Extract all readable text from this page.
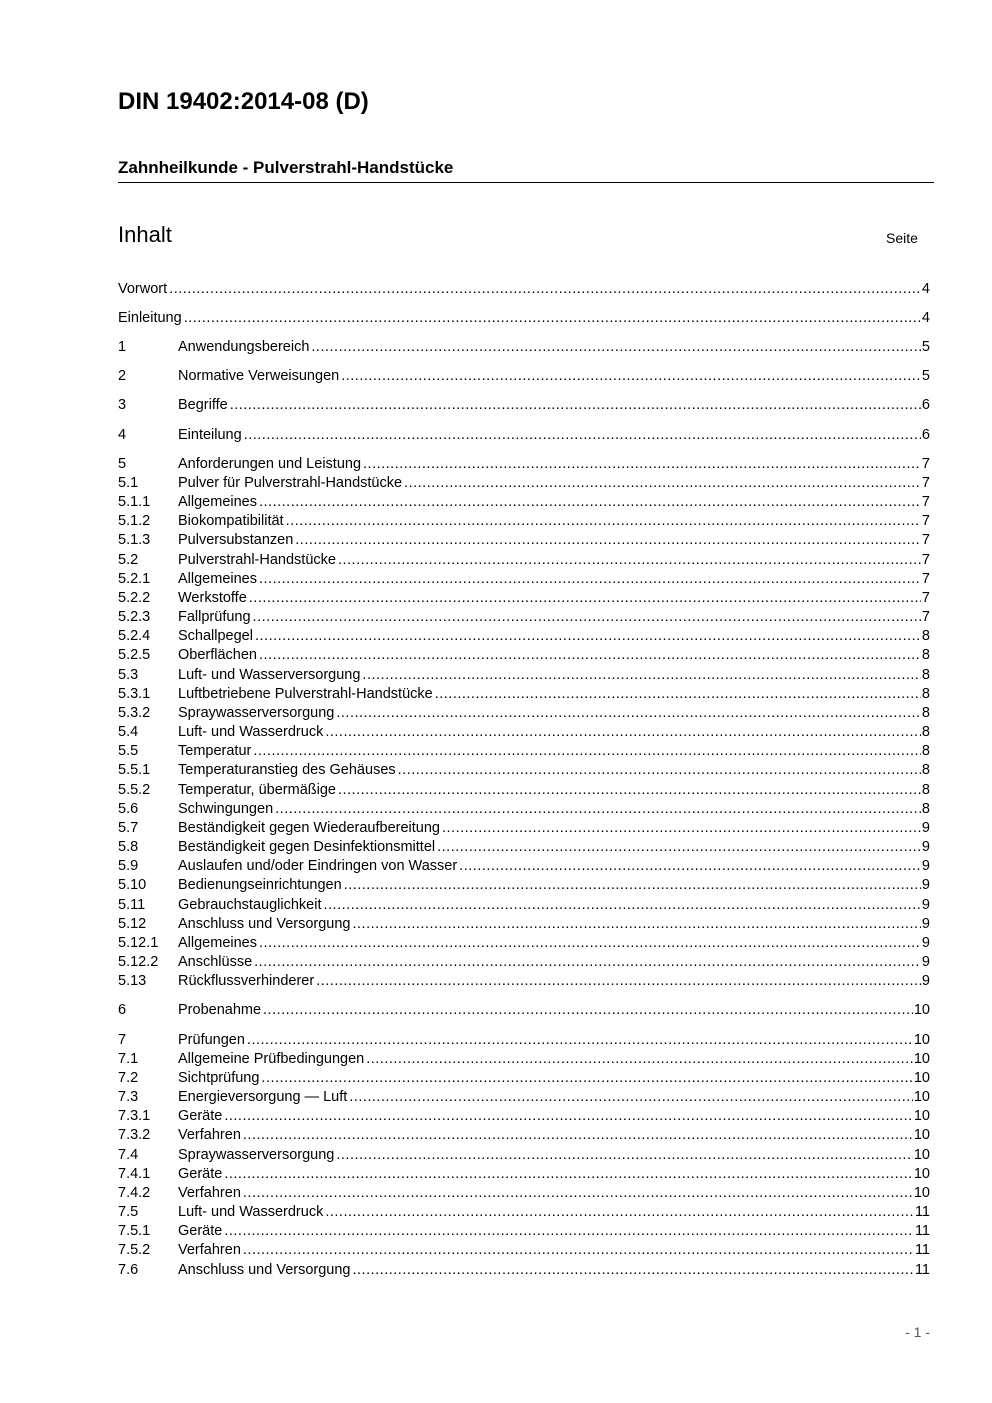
DIN 19402:2014-08 (D)
Zahnheilkunde - Pulverstrahl-Handstücke
Inhalt	Seite
Vorwort .....	4
Einleitung .....	4
1	Anwendungsbereich .....	5
2	Normative Verweisungen .....	5
3	Begriffe .....	6
4	Einteilung .....	6
5	Anforderungen und Leistung .....	7
5.1	Pulver für Pulverstrahl-Handstücke .....	7
5.1.1 Allgemeines .....	7
5.1.2 Biokompatibilität .....	7
5.1.3 Pulversubstanzen .....	7
5.2	Pulverstrahl-Handstücke .....	7
5.2.1 Allgemeines .....	7
5.2.2 Werkstoffe .....	7
5.2.3 Fallprüfung .....	7
5.2.4 Schallpegel .....	8
5.2.5 Oberflächen .....	8
5.3	Luft- und Wasserversorgung .....	8
5.3.1 Luftbetriebene Pulverstrahl-Handstücke .....	8
5.3.2 Spraywasserversorgung .....	8
5.4	Luft- und Wasserdruck .....	8
5.5	Temperatur .....	8
5.5.1 Temperaturanstieg des Gehäuses .....	8
5.5.2 Temperatur, übermäßige .....	8
5.6	Schwingungen .....	8
5.7	Beständigkeit gegen Wiederaufbereitung .....	9
5.8	Beständigkeit gegen Desinfektionsmittel .....	9
5.9	Auslaufen und/oder Eindringen von Wasser .....	9
5.10 Bedienungseinrichtungen .....	9
5.11 Gebrauchstauglichkeit .....	9
5.12 Anschluss und Versorgung .....	9
5.12.1 Allgemeines .....	9
5.12.2 Anschlüsse .....	9
5.13 Rückflussverhinderer .....	9
6	Probenahme .....	10
7	Prüfungen .....	10
7.1	Allgemeine Prüfbedingungen .....	10
7.2	Sichtprüfung .....	10
7.3	Energieversorgung — Luft .....	10
7.3.1 Geräte .....	10
7.3.2 Verfahren .....	10
7.4	Spraywasserversorgung .....	10
7.4.1 Geräte .....	10
7.4.2 Verfahren .....	10
7.5	Luft- und Wasserdruck .....	11
7.5.1 Geräte .....	11
7.5.2 Verfahren .....	11
7.6	Anschluss und Versorgung .....	11
- 1 -
